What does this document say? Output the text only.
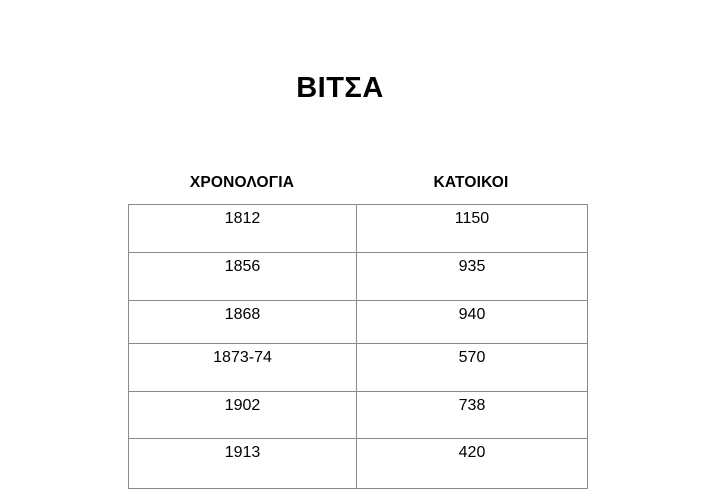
ΒΙΤΣΑ
ΧΡΟΝΟΛΟΓΙΑ	ΚΑΤΟΙΚΟΙ
1812	1150
1856	935
1868	940
1873-74	570
1902	738
1913	420
